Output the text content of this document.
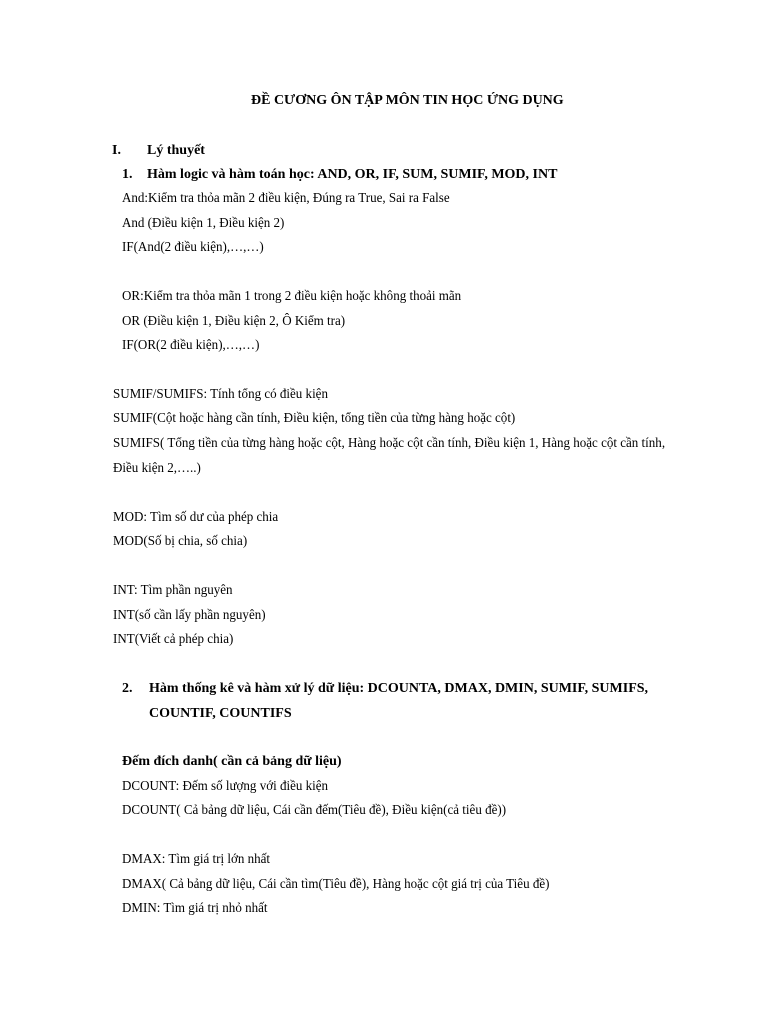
ĐỀ CƯƠNG ÔN TẬP MÔN TIN HỌC ỨNG DỤNG
I. Lý thuyết
1. Hàm logic và hàm toán học: AND, OR, IF, SUM, SUMIF, MOD, INT
And:Kiểm tra thỏa mãn 2 điều kiện, Đúng ra True, Sai ra False
And (Điều kiện 1, Điều kiện 2)
IF(And(2 điều kiện),…,…)
OR:Kiểm tra thỏa mãn 1 trong 2 điều kiện hoặc không thoải mãn
OR (Điều kiện 1, Điều kiện 2, Ô Kiểm tra)
IF(OR(2 điều kiện),…,…)
SUMIF/SUMIFS: Tính tổng có điều kiện
SUMIF(Cột hoặc hàng cần tính, Điều kiện, tổng tiền của từng hàng hoặc cột)
SUMIFS( Tổng tiền của từng hàng hoặc cột, Hàng hoặc cột cần tính, Điều kiện 1, Hàng hoặc cột cần tính,
Điều kiện 2,…..)
MOD: Tìm số dư của phép chia
MOD(Số bị chia, số chia)
INT: Tìm phần nguyên
INT(số cần lấy phần nguyên)
INT(Viết cả phép chia)
2. Hàm thống kê và hàm xử lý dữ liệu: DCOUNTA, DMAX, DMIN, SUMIF, SUMIFS,
COUNTIF, COUNTIFS
Đếm đích danh( cần cả bảng dữ liệu)
DCOUNT: Đếm số lượng với điều kiện
DCOUNT( Cả bảng dữ liệu, Cái cần đếm(Tiêu đề), Điều kiện(cả tiêu đề))
DMAX: Tìm giá trị lớn nhất
DMAX( Cả bảng dữ liệu, Cái cần tìm(Tiêu đề), Hàng hoặc cột giá trị của Tiêu đề)
DMIN: Tìm giá trị nhỏ nhất
